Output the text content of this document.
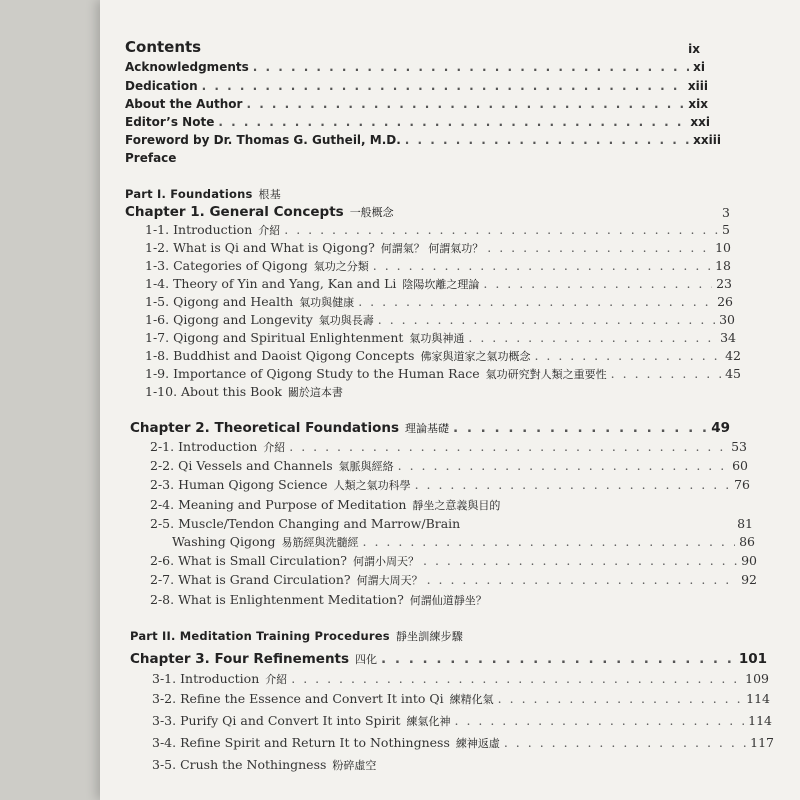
Contents	ix
Acknowledgments . . .	xi
Dedication . . .	xiii
About the Author . . .	xix
Editor’s Note . . .	xxi
Foreword by Dr. Thomas G. Gutheil, M.D. . . .	xxiii
Preface
Part I. Foundations 根基
Chapter 1. General Concepts 一般概念	3
1-1. Introduction 介紹 . . .	5
1-2. What is Qi and What is Qigong? 何謂氣？ 何謂氣功？ . . .	10
1-3. Categories of Qigong 氣功之分類 . . .	18
1-4. Theory of Yin and Yang, Kan and Li 陰陽坎離之理論 . . .	23
1-5. Qigong and Health 氣功與健康 . . .	26
1-6. Qigong and Longevity 氣功與長壽 . . .	30
1-7. Qigong and Spiritual Enlightenment 氣功與神通 . . .	34
1-8. Buddhist and Daoist Qigong Concepts 佛家與道家之氣功概念 . . .	42
1-9. Importance of Qigong Study to the Human Race 氣功研究對人類之重要性 . . .	45
1-10. About this Book 關於這本書
Chapter 2. Theoretical Foundations 理論基礎 . . .	49
2-1. Introduction 介紹 . . .	53
2-2. Qi Vessels and Channels 氣脈與經絡 . . .	60
2-3. Human Qigong Science 人類之氣功科學 . . .	76
2-4. Meaning and Purpose of Meditation 靜坐之意義與目的
2-5. Muscle/Tendon Changing and Marrow/Brain	81
Washing Qigong 易筋經與洗髓經 . . .	86
2-6. What is Small Circulation? 何謂小周天？ . . .	90
2-7. What is Grand Circulation? 何謂大周天？ . . .	92
2-8. What is Enlightenment Meditation? 何謂仙道靜坐？
Part II. Meditation Training Procedures 靜坐訓練步驟
Chapter 3. Four Refinements 四化 . . .	101
3-1. Introduction 介紹 . . .	109
3-2. Refine the Essence and Convert It into Qi 練精化氣 . . .	114
3-3. Purify Qi and Convert It into Spirit 練氣化神 . . .	114
3-4. Refine Spirit and Return It to Nothingness 練神返虛 . . .	117
3-5. Crush the Nothingness 粉碎虛空
